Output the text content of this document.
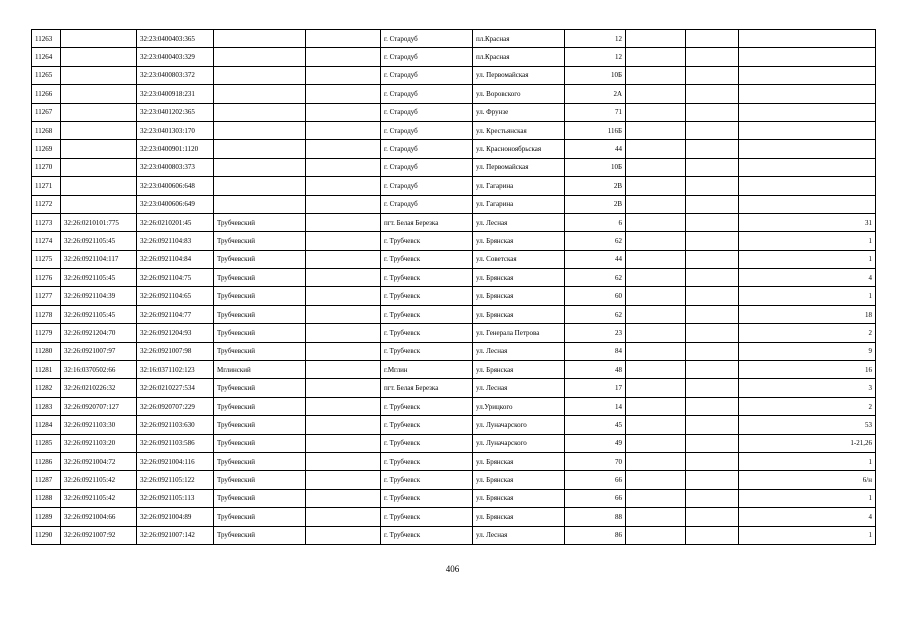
11263		32:23:0400403:365			г. Стародуб	пл.Красная	12			
11264		32:23:0400403:329			г. Стародуб	пл.Красная	12			
11265		32:23:0400803:372			г. Стародуб	ул. Первомайская	10Б			
11266		32:23:0400918:231			г. Стародуб	ул. Воровского	2А			
11267		32:23:0401202:365			г. Стародуб	ул. Фрунзе	71			
11268		32:23:0401303:170			г. Стародуб	ул. Крестьянская	116Б			
11269		32:23:0400901:1120			г. Стародуб	ул. Красноноябрьская	44			
11270		32:23:0400803:373			г. Стародуб	ул. Первомайская	10Б			
11271		32:23:0400606:648			г. Стародуб	ул. Гагарина	2В			
11272		32:23:0400606:649			г. Стародуб	ул. Гагарина	2В			
11273	32:26:0210101:775	32:26:0210201:45	Трубчевский		пгт. Белая Березка	ул. Лесная	6			31
11274	32:26:0921105:45	32:26:0921104:83	Трубчевский		г. Трубчевск	ул. Брянская	62			1
11275	32:26:0921104:117	32:26:0921104:84	Трубчевский		г. Трубчевск	ул. Советская	44			1
11276	32:26:0921105:45	32:26:0921104:75	Трубчевский		г. Трубчевск	ул. Брянская	62			4
11277	32:26:0921104:39	32:26:0921104:65	Трубчевский		г. Трубчевск	ул. Брянская	60			1
11278	32:26:0921105:45	32:26:0921104:77	Трубчевский		г. Трубчевск	ул. Брянская	62			18
11279	32:26:0921204:70	32:26:0921204:93	Трубчевский		г. Трубчевск	ул. Генерала Петрова	23			2
11280	32:26:0921007:97	32:26:0921007:98	Трубчевский		г. Трубчевск	ул. Лесная	84			9
11281	32:16:0370502:66	32:16:0371102:123	Мглинский		г.Мглин	ул. Брянская	48			16
11282	32:26:0210226:32	32:26:0210227:534	Трубчевский		пгт. Белая Березка	ул. Лесная	17			3
11283	32:26:0920707:127	32:26:0920707:229	Трубчевский		г. Трубчевск	ул.Урицкого	14			2
11284	32:26:0921103:30	32:26:0921103:630	Трубчевский		г. Трубчевск	ул. Луначарского	45			53
11285	32:26:0921103:20	32:26:0921103:586	Трубчевский		г. Трубчевск	ул. Луначарского	49			1-21,26
11286	32:26:0921004:72	32:26:0921004:116	Трубчевский		г. Трубчевск	ул. Брянская	70			1
11287	32:26:0921105:42	32:26:0921105:122	Трубчевский		г. Трубчевск	ул. Брянская	66			6/н
11288	32:26:0921105:42	32:26:0921105:113	Трубчевский		г. Трубчевск	ул. Брянская	66			1
11289	32:26:0921004:66	32:26:0921004:89	Трубчевский		г. Трубчевск	ул. Брянская	88			4
11290	32:26:0921007:92	32:26:0921007:142	Трубчевский		г. Трубчевск	ул. Лесная	86			1
406
